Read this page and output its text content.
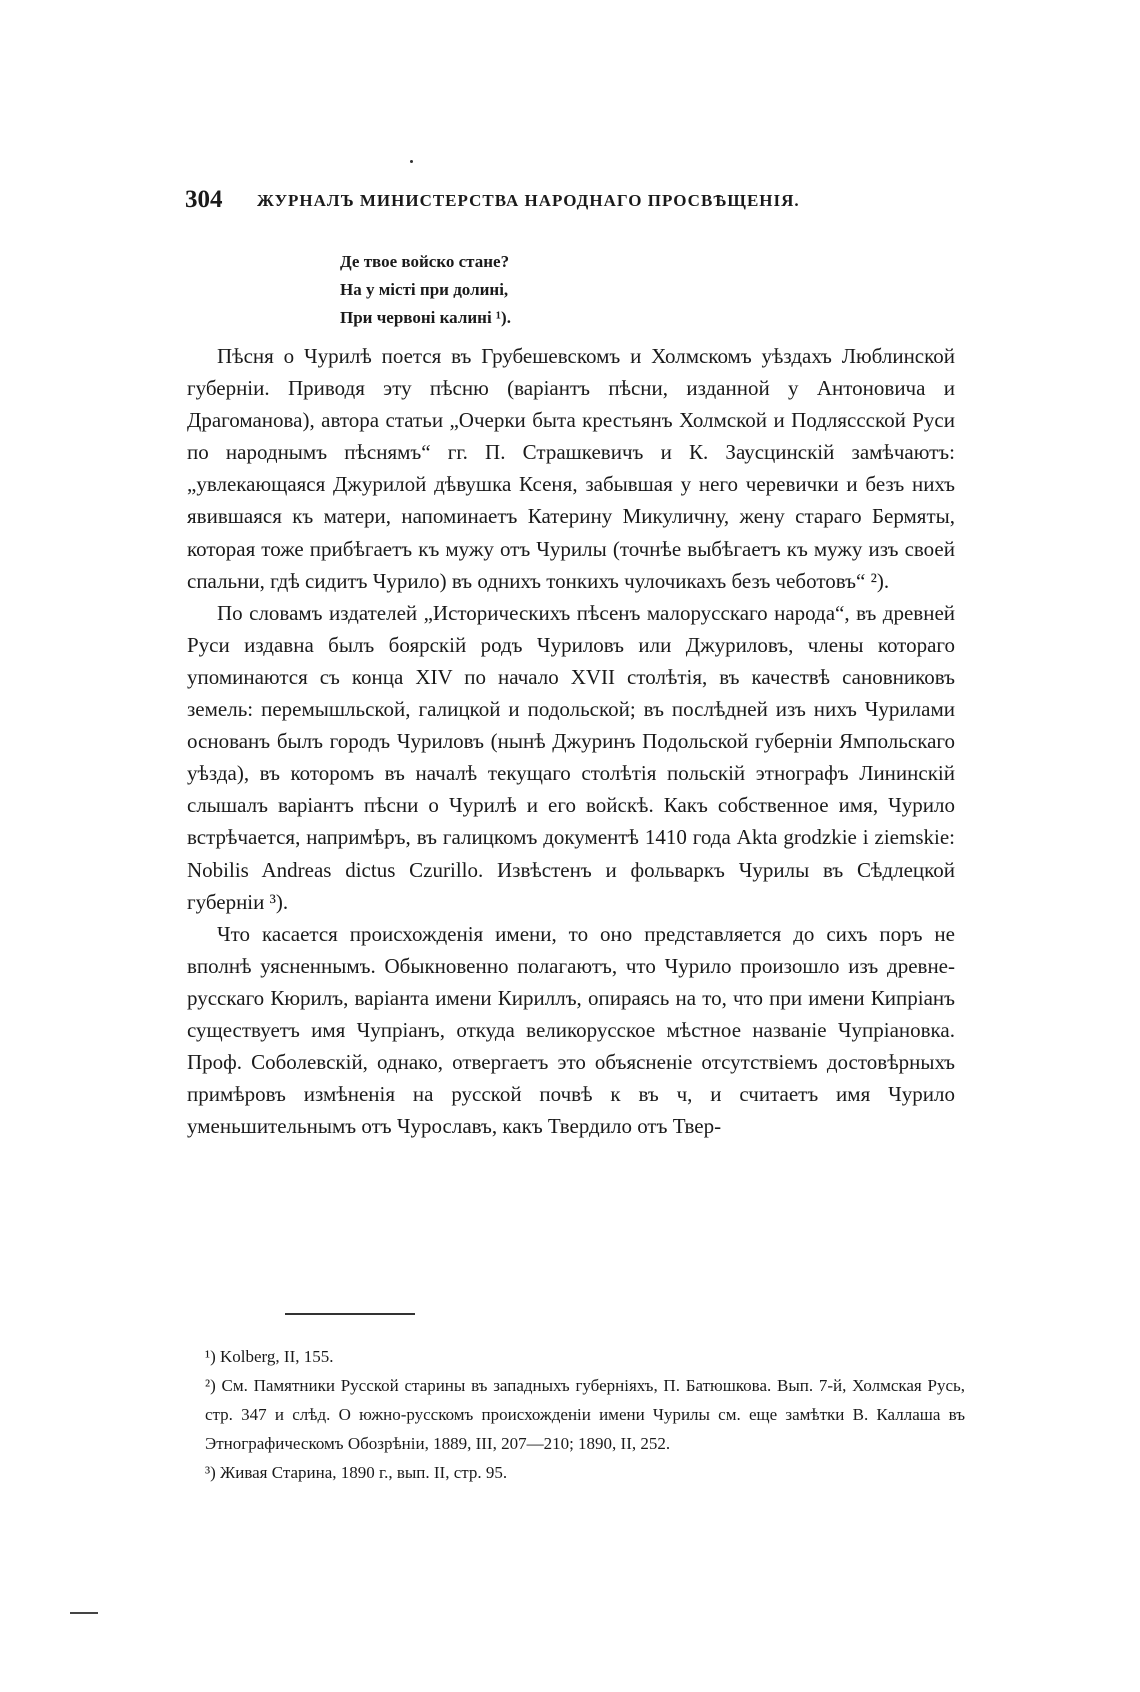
304 ЖУРНАЛЪ МИНИСТЕРСТВА НАРОДНАГО ПРОСВѢЩЕНІЯ.
Де твое войско стане?
На у місті при долині,
При червоні калині ¹).

Пѣсня о Чурилѣ поется въ Грубешевскомъ и Холмскомъ уѣздахъ Люблинской губерніи. Приводя эту пѣсню (варіантъ пѣсни, изданной у Антоновича и Драгоманова), автора статьи „Очерки быта крестьянъ Холмской и Подляссской Руси по народнымъ пѣснямъ“ гг. П. Страшкевичъ и К. Заусцинскій замѣчаютъ: „увлекающаяся Джурилой дѣвушка Ксеня, забывшая у него черевички и безъ нихъ явившаяся къ матери, напоминаетъ Катерину Микуличну, жену стараго Бермяты, которая тоже прибѣгаетъ къ мужу отъ Чурилы (точнѣе выбѣгаетъ къ мужу изъ своей спальни, гдѣ сидитъ Чурило) въ однихъ тонкихъ чулочикахъ безъ чеботовъ“ ²).

По словамъ издателей „Историческихъ пѣсенъ малорусскаго народа“, въ древней Руси издавна былъ боярскій родъ Чуриловъ или Джуриловъ, члены котораго упоминаются съ конца XIV по начало XVII столѣтія, въ качествѣ сановниковъ земель: перемышльской, галицкой и подольской; въ послѣдней изъ нихъ Чурилами основанъ былъ городъ Чуриловъ (нынѣ Джуринъ Подольской губерніи Ямпольскаго уѣзда), въ которомъ въ началѣ текущаго столѣтія польскій этнографъ Лининскій слышалъ варіантъ пѣсни о Чурилѣ и его войскѣ. Какъ собственное имя, Чурило встрѣчается, напримѣръ, въ галицкомъ документѣ 1410 года Akta grodzkie i ziemskie: Nobilis Andreas dictus Czurillo. Извѣстенъ и фольваркъ Чурилы въ Сѣдлецкой губерніи ³).

Что касается происхожденія имени, то оно представляется до сихъ поръ не вполнѣ уясненнымъ. Обыкновенно полагаютъ, что Чурило произошло изъ древне-русскаго Кюрилъ, варіанта имени Кириллъ, опираясь на то, что при имени Кипріанъ существуетъ имя Чупріанъ, откуда великорусское мѣстное названіе Чупріановка. Проф. Соболевскій, однако, отвергаетъ это объясненіе отсутствіемъ достовѣрныхъ примѣровъ измѣненія на русской почвѣ к въ ч, и считаетъ имя Чурило уменьшительнымъ отъ Чурославъ, какъ Твердило отъ Твер-

¹) Kolberg, II, 155.

²) См. Памятники Русской старины въ западныхъ губерніяхъ, П. Батюшкова. Вып. 7-й, Холмская Русь, стр. 347 и слѣд. О южно-русскомъ происхожденіи имени Чурилы см. еще замѣтки В. Каллаша въ Этнографическомъ Обозрѣніи, 1889, III, 207—210; 1890, II, 252.

³) Живая Старина, 1890 г., вып. II, стр. 95.
